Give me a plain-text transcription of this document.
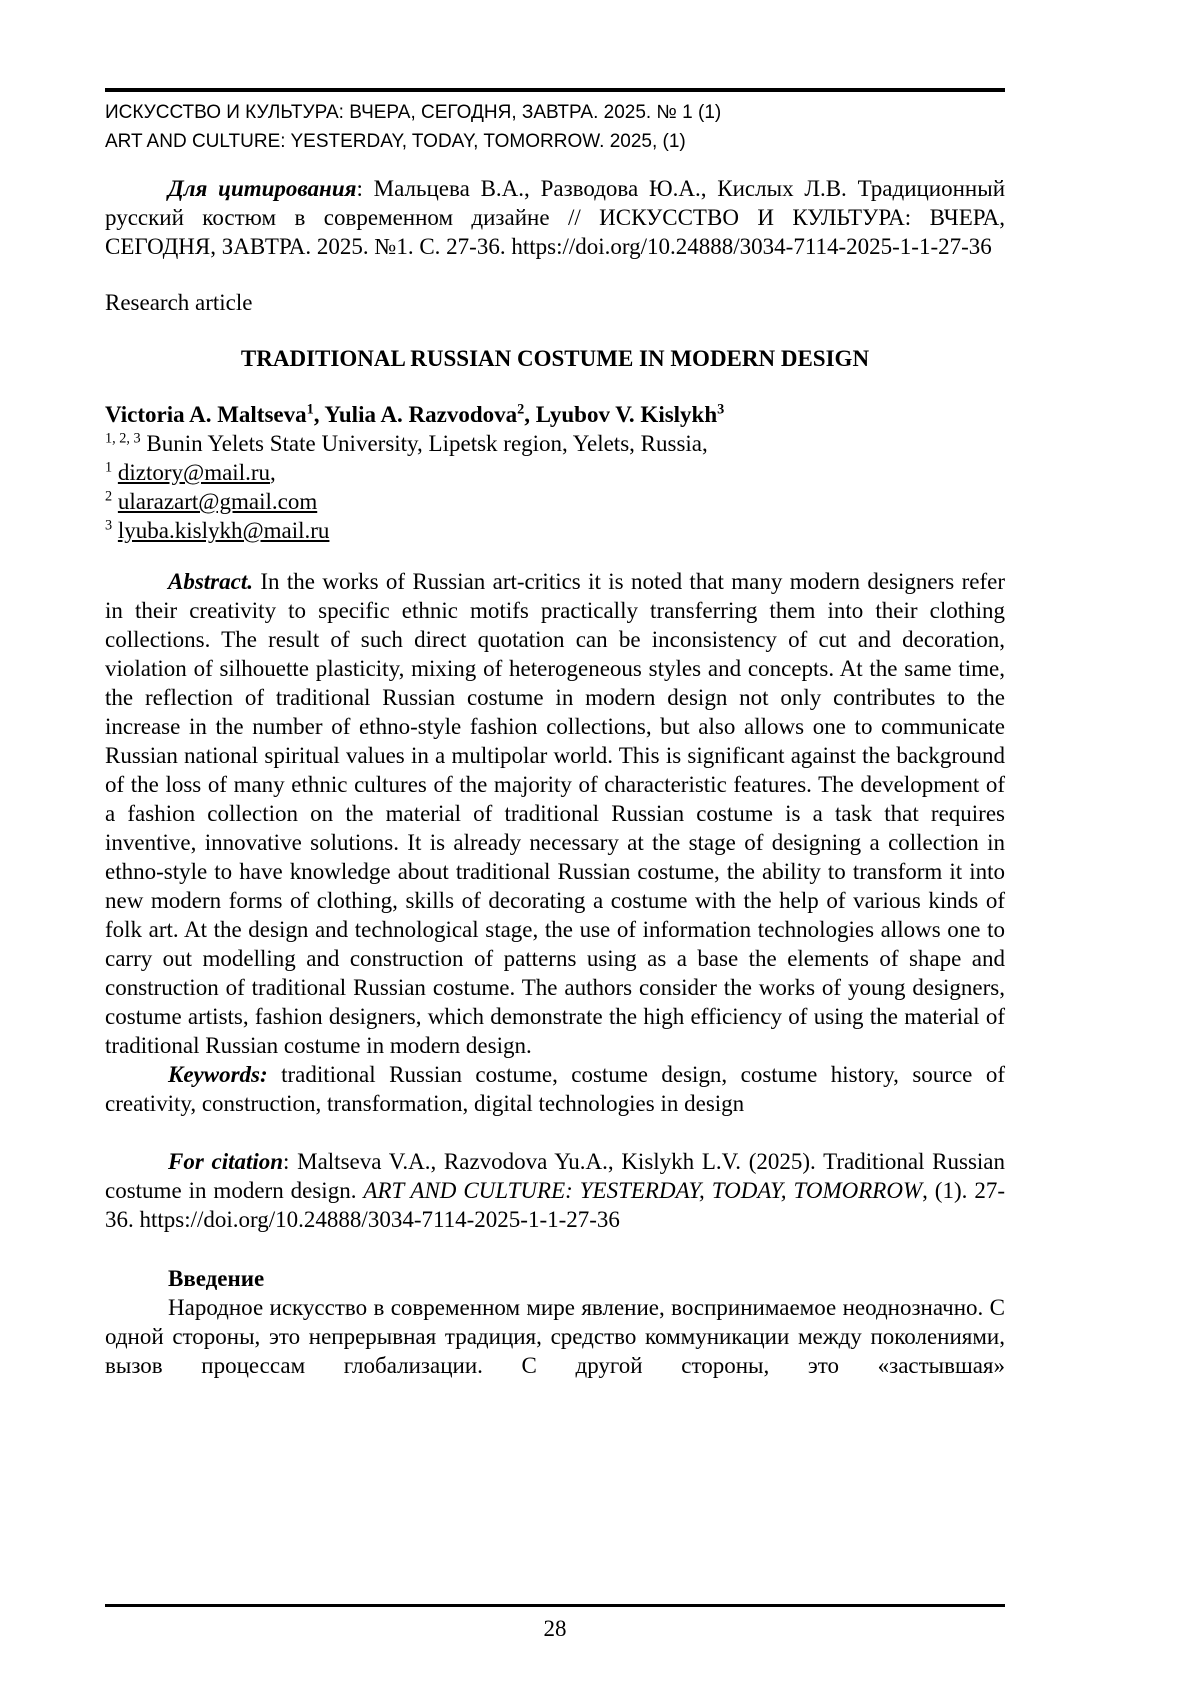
ИСКУССТВО И КУЛЬТУРА: ВЧЕРА, СЕГОДНЯ, ЗАВТРА. 2025. № 1 (1)
ART AND CULTURE: YESTERDAY, TODAY, TOMORROW. 2025, (1)

Для цитирования: Мальцева В.А., Разводова Ю.А., Кислых Л.В. Традиционный русский костюм в современном дизайне // ИСКУССТВО И КУЛЬТУРА: ВЧЕРА, СЕГОДНЯ, ЗАВТРА. 2025. №1. С. 27-36. https://doi.org/10.24888/3034-7114-2025-1-1-27-36

Research article

TRADITIONAL RUSSIAN COSTUME IN MODERN DESIGN

Victoria A. Maltseva$^1$, Yulia A. Razvodova$^2$, Lyubov V. Kislykh$^3$

$^{1, 2, 3}$ Bunin Yelets State University, Lipetsk region, Yelets, Russia,

$^1$ diztory@mail.ru,

$^2$ ularazart@gmail.com

$^3$ lyuba.kislykh@mail.ru

Abstract. In the works of Russian art-critics it is noted that many modern designers refer in their creativity to specific ethnic motifs practically transferring them into their clothing collections. The result of such direct quotation can be inconsistency of cut and decoration, violation of silhouette plasticity, mixing of heterogeneous styles and concepts. At the same time, the reflection of traditional Russian costume in modern design not only contributes to the increase in the number of ethno-style fashion collections, but also allows one to communicate Russian national spiritual values in a multipolar world. This is significant against the background of the loss of many ethnic cultures of the majority of characteristic features. The development of a fashion collection on the material of traditional Russian costume is a task that requires inventive, innovative solutions. It is already necessary at the stage of designing a collection in ethno-style to have knowledge about traditional Russian costume, the ability to transform it into new modern forms of clothing, skills of decorating a costume with the help of various kinds of folk art. At the design and technological stage, the use of information technologies allows one to carry out modelling and construction of patterns using as a base the elements of shape and construction of traditional Russian costume. The authors consider the works of young designers, costume artists, fashion designers, which demonstrate the high efficiency of using the material of traditional Russian costume in modern design.

Keywords: traditional Russian costume, costume design, costume history, source of creativity, construction, transformation, digital technologies in design

For citation: Maltseva V.A., Razvodova Yu.A., Kislykh L.V. (2025). Traditional Russian costume in modern design. ART AND CULTURE: YESTERDAY, TODAY, TOMORROW, (1). 27-36. https://doi.org/10.24888/3034-7114-2025-1-1-27-36

Введение

Народное искусство в современном мире явление, воспринимаемое неоднозначно. С одной стороны, это непрерывная традиция, средство коммуникации между поколениями, вызов процессам глобализации. С другой стороны, это «застывшая»

28
